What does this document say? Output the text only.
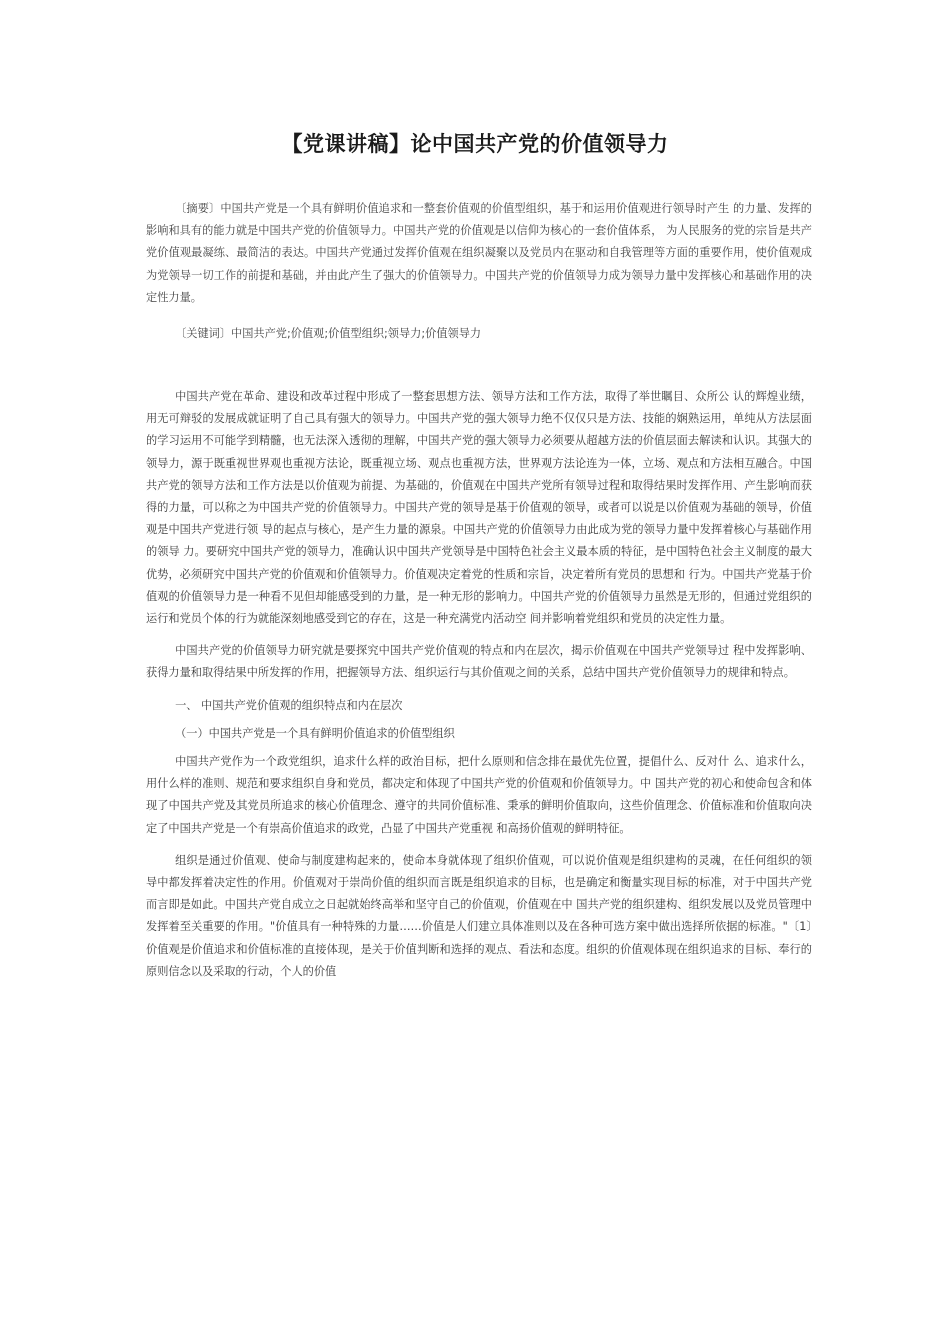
【党课讲稿】论中国共产党的价值领导力

〔摘要〕中国共产党是一个具有鲜明价值追求和一整套价值观的价值型组织，基于和运用价值观进行领导时产生 的力量、发挥的影响和具有的能力就是中国共产党的价值领导力。中国共产党的价值观是以信仰为核心的一套价值体系， 为人民服务的党的宗旨是共产党价值观最凝练、最简洁的表达。中国共产党通过发挥价值观在组织凝聚以及党员内在驱动和自我管理等方面的重要作用，使价值观成为党领导一切工作的前提和基础，并由此产生了强大的价值领导力。中国共产党的价值领导力成为领导力量中发挥核心和基础作用的决定性力量。

〔关键词〕中国共产党;价值观;价值型组织;领导力;价值领导力

中国共产党在革命、建设和改革过程中形成了一整套思想方法、领导方法和工作方法，取得了举世瞩目、众所公 认的辉煌业绩，用无可辩驳的发展成就证明了自己具有强大的领导力。中国共产党的强大领导力绝不仅仅只是方法、技能的娴熟运用，单纯从方法层面的学习运用不可能学到精髓，也无法深入透彻的理解，中国共产党的强大领导力必须要从超越方法的价值层面去解读和认识。其强大的领导力，源于既重视世界观也重视方法论，既重视立场、观点也重视方法，世界观方法论连为一体，立场、观点和方法相互融合。中国共产党的领导方法和工作方法是以价值观为前提、为基础的，价值观在中国共产党所有领导过程和取得结果时发挥作用、产生影响而获得的力量，可以称之为中国共产党的价值领导力。中国共产党的领导是基于价值观的领导，或者可以说是以价值观为基础的领导，价值观是中国共产党进行领 导的起点与核心，是产生力量的源泉。中国共产党的价值领导力由此成为党的领导力量中发挥着核心与基础作用的领导 力。要研究中国共产党的领导力，准确认识中国共产党领导是中国特色社会主义最本质的特征，是中国特色社会主义制度的最大优势，必须研究中国共产党的价值观和价值领导力。价值观决定着党的性质和宗旨，决定着所有党员的思想和 行为。中国共产党基于价值观的价值领导力是一种看不见但却能感受到的力量，是一种无形的影响力。中国共产党的价值领导力虽然是无形的，但通过党组织的运行和党员个体的行为就能深刻地感受到它的存在，这是一种充满党内活动空 间并影响着党组织和党员的决定性力量。

中国共产党的价值领导力研究就是要探究中国共产党价值观的特点和内在层次，揭示价值观在中国共产党领导过 程中发挥影响、获得力量和取得结果中所发挥的作用，把握领导方法、组织运行与其价值观之间的关系，总结中国共产党价值领导力的规律和特点。

一、 中国共产党价值观的组织特点和内在层次

（一）中国共产党是一个具有鲜明价值追求的价值型组织

中国共产党作为一个政党组织，追求什么样的政治目标，把什么原则和信念排在最优先位置，提倡什么、反对什 么、追求什么，用什么样的准则、规范和要求组织自身和党员，都决定和体现了中国共产党的价值观和价值领导力。中 国共产党的初心和使命包含和体现了中国共产党及其党员所追求的核心价值理念、遵守的共同价值标准、秉承的鲜明价值取向，这些价值理念、价值标准和价值取向决定了中国共产党是一个有崇高价值追求的政党，凸显了中国共产党重视 和高扬价值观的鲜明特征。

组织是通过价值观、使命与制度建构起来的，使命本身就体现了组织价值观，可以说价值观是组织建构的灵魂，在任何组织的领导中都发挥着决定性的作用。价值观对于崇尚价值的组织而言既是组织追求的目标，也是确定和衡量实现目标的标准，对于中国共产党而言即是如此。中国共产党自成立之日起就始终高举和坚守自己的价值观，价值观在中 国共产党的组织建构、组织发展以及党员管理中发挥着至关重要的作用。"价值具有一种特殊的力量……价值是人们建立具体准则以及在各种可选方案中做出选择所依据的标准。"〔1〕价值观是价值追求和价值标准的直接体现，是关于价值判断和选择的观点、看法和态度。组织的价值观体现在组织追求的目标、奉行的原则信念以及采取的行动，个人的价值
